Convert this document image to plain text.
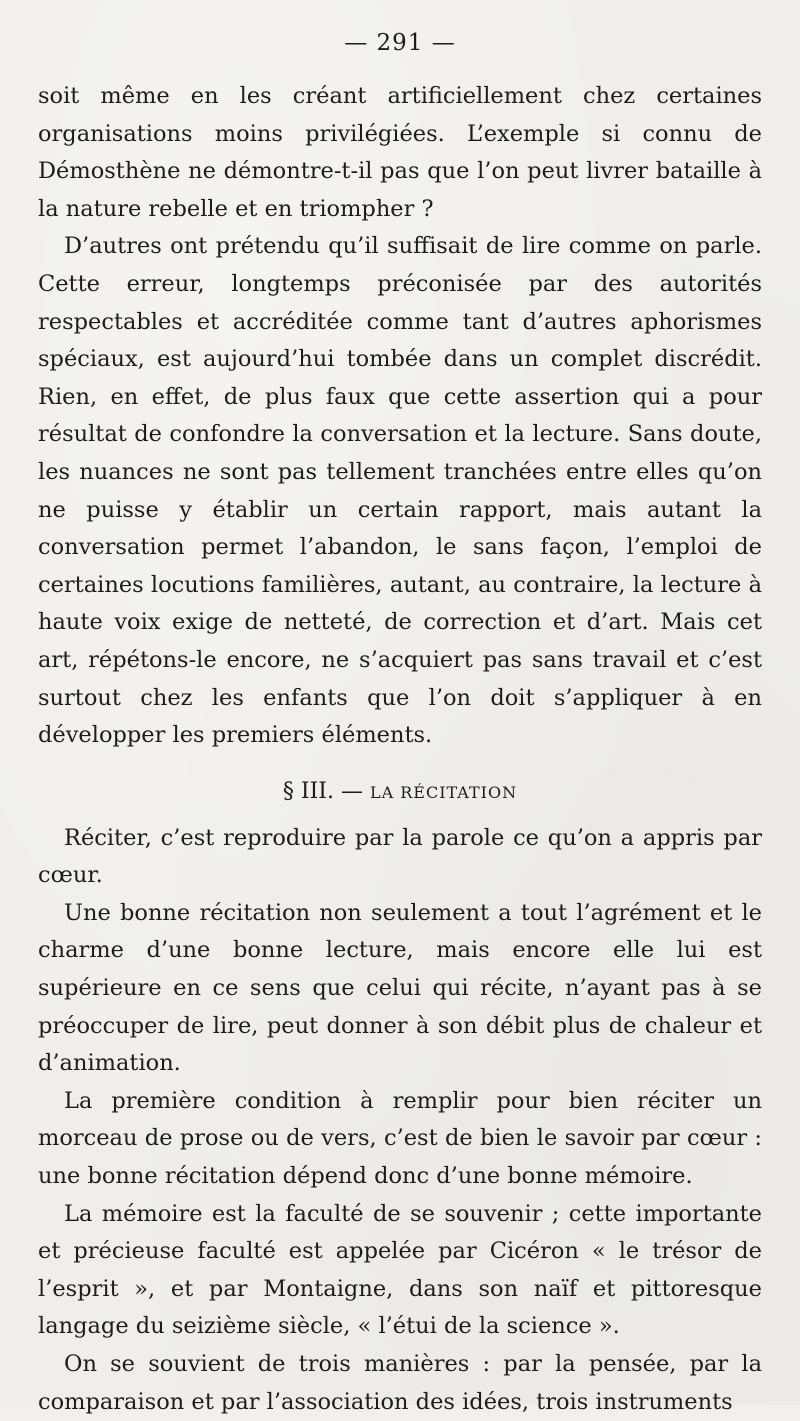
— 291 —

soit même en les créant artificiellement chez certaines organisations moins privilégiées. L’exemple si connu de Démosthène ne démontre-t-il pas que l’on peut livrer bataille à la nature rebelle et en triompher ?

D’autres ont prétendu qu’il suffisait de lire comme on parle. Cette erreur, longtemps préconisée par des autorités respectables et accréditée comme tant d’autres aphorismes spéciaux, est aujourd’hui tombée dans un complet discrédit. Rien, en effet, de plus faux que cette assertion qui a pour résultat de confondre la conversation et la lecture. Sans doute, les nuances ne sont pas tellement tranchées entre elles qu’on ne puisse y établir un certain rapport, mais autant la conversation permet l’abandon, le sans façon, l’emploi de certaines locutions familières, autant, au contraire, la lecture à haute voix exige de netteté, de correction et d’art. Mais cet art, répétons-le encore, ne s’acquiert pas sans travail et c’est surtout chez les enfants que l’on doit s’appliquer à en développer les premiers éléments.

§ III. — LA RÉCITATION

Réciter, c’est reproduire par la parole ce qu’on a appris par cœur.

Une bonne récitation non seulement a tout l’agrément et le charme d’une bonne lecture, mais encore elle lui est supérieure en ce sens que celui qui récite, n’ayant pas à se préoccuper de lire, peut donner à son débit plus de chaleur et d’animation.

La première condition à remplir pour bien réciter un morceau de prose ou de vers, c’est de bien le savoir par cœur : une bonne récitation dépend donc d’une bonne mémoire.

La mémoire est la faculté de se souvenir ; cette importante et précieuse faculté est appelée par Cicéron « le trésor de l’esprit », et par Montaigne, dans son naïf et pittoresque langage du seizième siècle, « l’étui de la science ».

On se souvient de trois manières : par la pensée, par la comparaison et par l’association des idées, trois instruments
